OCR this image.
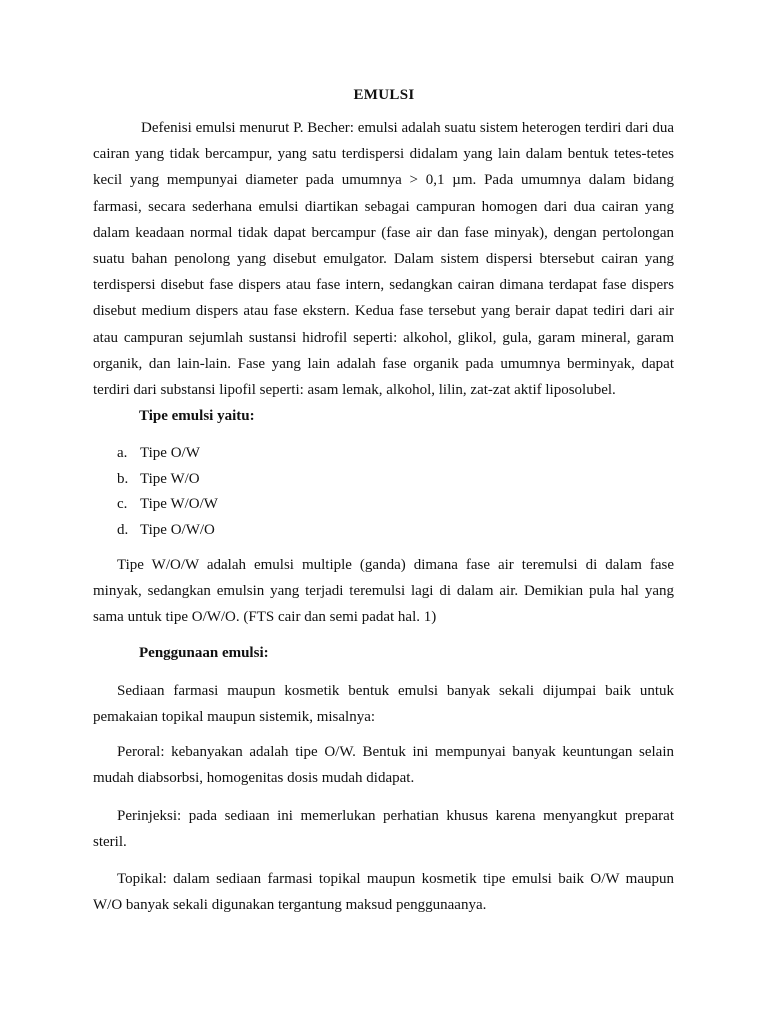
EMULSI

Defenisi emulsi menurut P. Becher: emulsi adalah suatu sistem heterogen terdiri dari dua cairan yang tidak bercampur, yang satu terdispersi didalam yang lain dalam bentuk tetes-tetes kecil yang mempunyai diameter pada umumnya > 0,1 µm. Pada umumnya dalam bidang farmasi, secara sederhana emulsi diartikan sebagai campuran homogen dari dua cairan yang dalam keadaan normal tidak dapat bercampur (fase air dan fase minyak), dengan pertolongan suatu bahan penolong yang disebut emulgator. Dalam sistem dispersi btersebut cairan yang terdispersi disebut fase dispers atau fase intern, sedangkan cairan dimana terdapat fase dispers disebut medium dispers atau fase ekstern. Kedua fase tersebut yang berair dapat tediri dari air atau campuran sejumlah sustansi hidrofil seperti: alkohol, glikol, gula, garam mineral, garam organik, dan lain-lain. Fase yang lain adalah fase organik pada umumnya berminyak, dapat terdiri dari substansi lipofil seperti: asam lemak, alkohol, lilin, zat-zat aktif liposolubel.

Tipe emulsi yaitu:
a. Tipe O/W
b. Tipe W/O
c. Tipe W/O/W
d. Tipe O/W/O

Tipe W/O/W adalah emulsi multiple (ganda) dimana fase air teremulsi di dalam fase minyak, sedangkan emulsin yang terjadi teremulsi lagi di dalam air. Demikian pula hal yang sama untuk tipe O/W/O. (FTS cair dan semi padat hal. 1)

Penggunaan emulsi:

Sediaan farmasi maupun kosmetik bentuk emulsi banyak sekali dijumpai baik untuk pemakaian topikal maupun sistemik, misalnya:

Peroral: kebanyakan adalah tipe O/W. Bentuk ini mempunyai banyak keuntungan selain mudah diabsorbsi, homogenitas dosis mudah didapat.

Perinjeksi: pada sediaan ini memerlukan perhatian khusus karena menyangkut preparat steril.

Topikal: dalam sediaan farmasi topikal maupun kosmetik tipe emulsi baik O/W maupun W/O banyak sekali digunakan tergantung maksud penggunaanya.
